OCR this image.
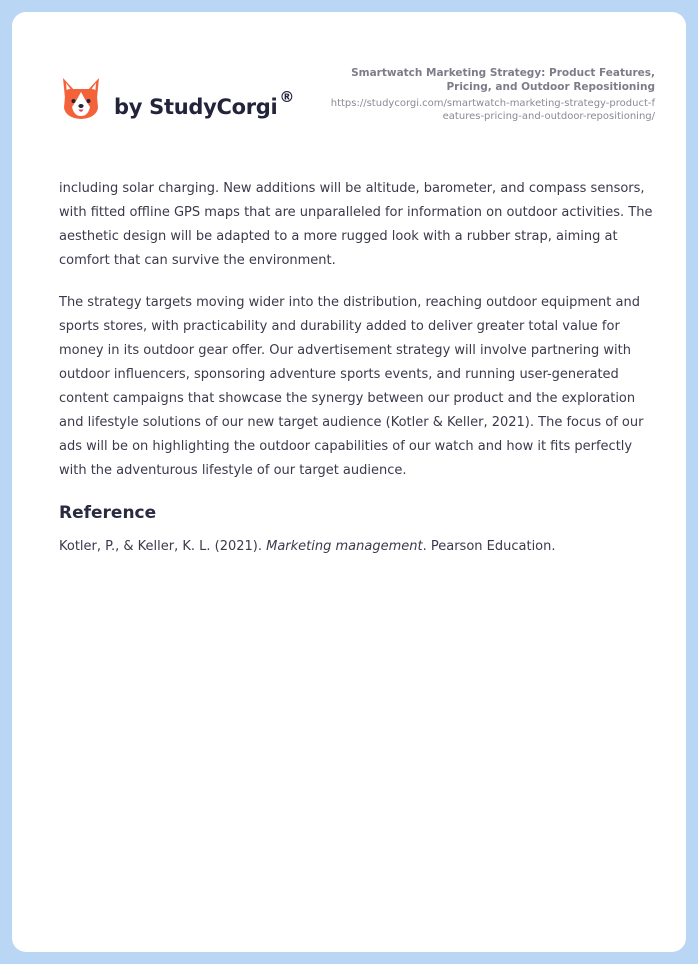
by StudyCorgi ®
Smartwatch Marketing Strategy: Product Features, Pricing, and Outdoor Repositioning
https://studycorgi.com/smartwatch-marketing-strategy-product-features-pricing-and-outdoor-repositioning/

including solar charging. New additions will be altitude, barometer, and compass sensors, with fitted offline GPS maps that are unparalleled for information on outdoor activities. The aesthetic design will be adapted to a more rugged look with a rubber strap, aiming at comfort that can survive the environment.

The strategy targets moving wider into the distribution, reaching outdoor equipment and sports stores, with practicability and durability added to deliver greater total value for money in its outdoor gear offer. Our advertisement strategy will involve partnering with outdoor influencers, sponsoring adventure sports events, and running user-generated content campaigns that showcase the synergy between our product and the exploration and lifestyle solutions of our new target audience (Kotler & Keller, 2021). The focus of our ads will be on highlighting the outdoor capabilities of our watch and how it fits perfectly with the adventurous lifestyle of our target audience.

Reference

Kotler, P., & Keller, K. L. (2021). Marketing management. Pearson Education.
